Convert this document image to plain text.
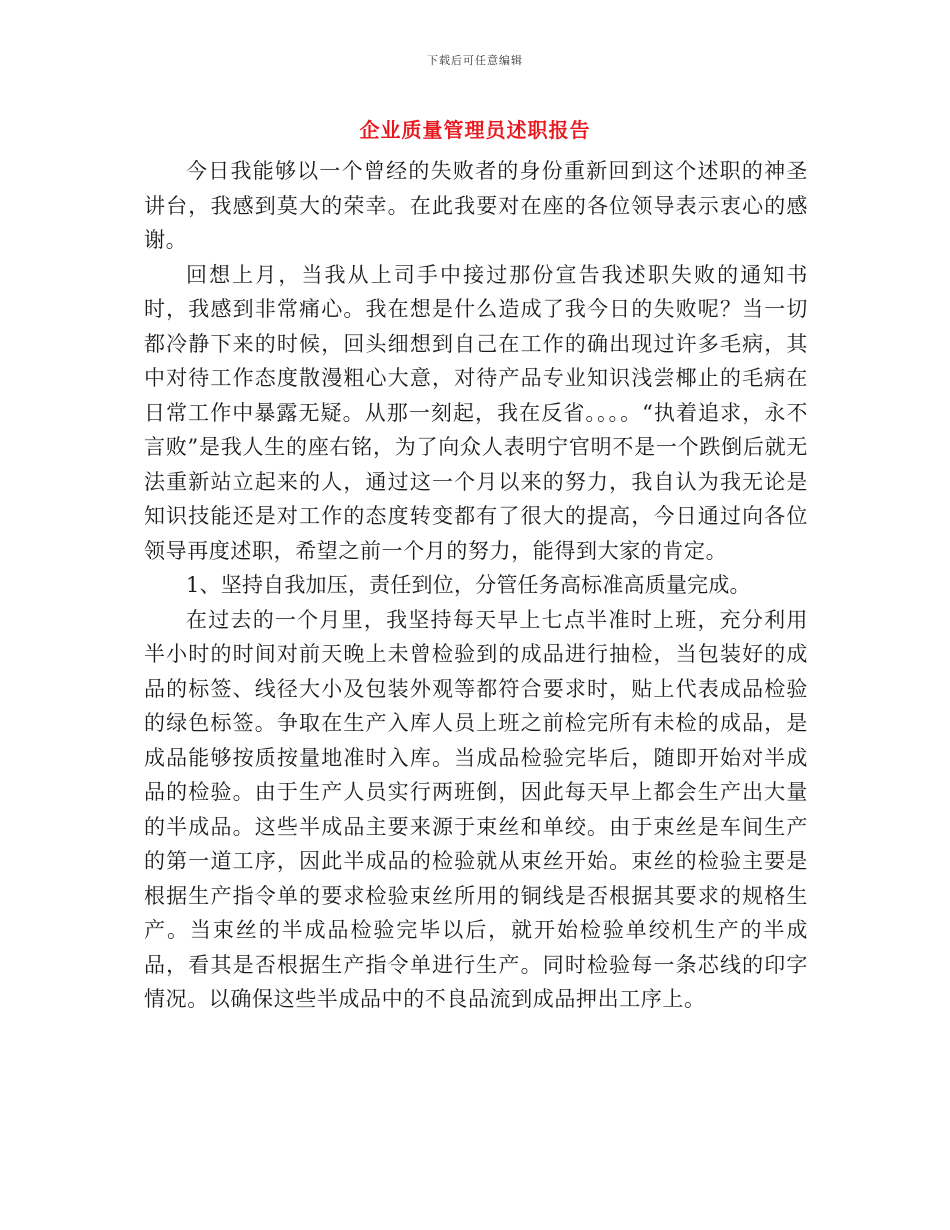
下载后可任意编辑
企业质量管理员述职报告

今日我能够以一个曾经的失败者的身份重新回到这个述职的神圣讲台，我感到莫大的荣幸。在此我要对在座的各位领导表示衷心的感谢。

回想上月，当我从上司手中接过那份宣告我述职失败的通知书时，我感到非常痛心。我在想是什么造成了我今日的失败呢？当一切都冷静下来的时候，回头细想到自己在工作的确出现过许多毛病，其中对待工作态度散漫粗心大意，对待产品专业知识浅尝椰止的毛病在日常工作中暴露无疑。从那一刻起，我在反省。。。。“执着追求，永不言败”是我人生的座右铭，为了向众人表明宁官明不是一个跌倒后就无法重新站立起来的人，通过这一个月以来的努力，我自认为我无论是知识技能还是对工作的态度转变都有了很大的提高，今日通过向各位领导再度述职，希望之前一个月的努力，能得到大家的肯定。

1、坚持自我加压，责任到位，分管任务高标准高质量完成。

在过去的一个月里，我坚持每天早上七点半准时上班，充分利用半小时的时间对前天晚上未曾检验到的成品进行抽检，当包装好的成品的标签、线径大小及包装外观等都符合要求时，贴上代表成品检验的绿色标签。争取在生产入库人员上班之前检完所有未检的成品，是成品能够按质按量地准时入库。当成品检验完毕后，随即开始对半成品的检验。由于生产人员实行两班倒，因此每天早上都会生产出大量的半成品。这些半成品主要来源于束丝和单绞。由于束丝是车间生产的第一道工序，因此半成品的检验就从束丝开始。束丝的检验主要是根据生产指令单的要求检验束丝所用的铜线是否根据其要求的规格生产。当束丝的半成品检验完毕以后，就开始检验单绞机生产的半成品，看其是否根据生产指令单进行生产。同时检验每一条芯线的印字情况。以确保这些半成品中的不良品流到成品押出工序上。
